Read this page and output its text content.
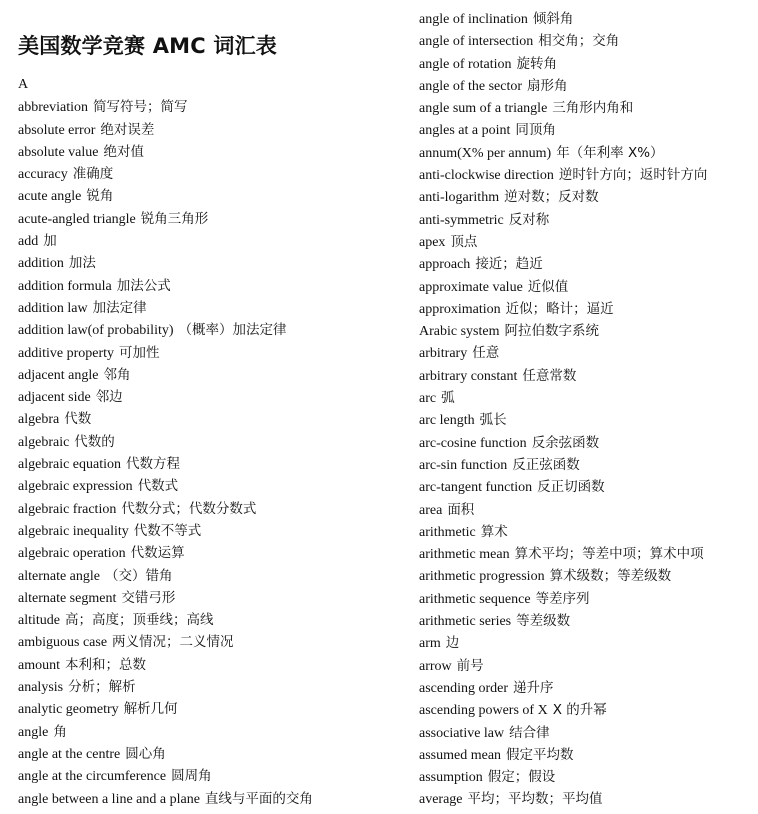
美国数学竞赛 AMC 词汇表
A
abbreviation 简写符号；简写
absolute error 绝对误差
absolute value 绝对值
accuracy 准确度
acute angle 锐角
acute-angled triangle 锐角三角形
add 加
addition 加法
addition formula 加法公式
addition law 加法定律
addition law(of probability) （概率）加法定律
additive property 可加性
adjacent angle 邻角
adjacent side 邻边
algebra 代数
algebraic 代数的
algebraic equation 代数方程
algebraic expression 代数式
algebraic fraction 代数分式；代数分数式
algebraic inequality 代数不等式
algebraic operation 代数运算
alternate angle （交）错角
alternate segment 交错弓形
altitude 高；高度；顶垂线；高线
ambiguous case 两义情况；二义情况
amount 本利和；总数
analysis 分析；解析
analytic geometry 解析几何
angle 角
angle at the centre 圆心角
angle at the circumference 圆周角
angle between a line and a plane 直线与平面的交角
angle of inclination 倾斜角
angle of intersection 相交角；交角
angle of rotation 旋转角
angle of the sector 扇形角
angle sum of a triangle 三角形内角和
angles at a point 同顶角
annum(X% per annum) 年（年利率 X%）
anti-clockwise direction 逆时针方向；返时针方向
anti-logarithm 逆对数；反对数
anti-symmetric 反对称
apex 顶点
approach 接近；趋近
approximate value 近似值
approximation 近似；略计；逼近
Arabic system 阿拉伯数字系统
arbitrary 任意
arbitrary constant 任意常数
arc 弧
arc length 弧长
arc-cosine function 反余弦函数
arc-sin function 反正弦函数
arc-tangent function 反正切函数
area 面积
arithmetic 算术
arithmetic mean 算术平均；等差中项；算术中项
arithmetic progression 算术级数；等差级数
arithmetic sequence 等差序列
arithmetic series 等差级数
arm 边
arrow 前号
ascending order 递升序
ascending powers of X X 的升幂
associative law 结合律
assumed mean 假定平均数
assumption 假定；假设
average 平均；平均数；平均值
